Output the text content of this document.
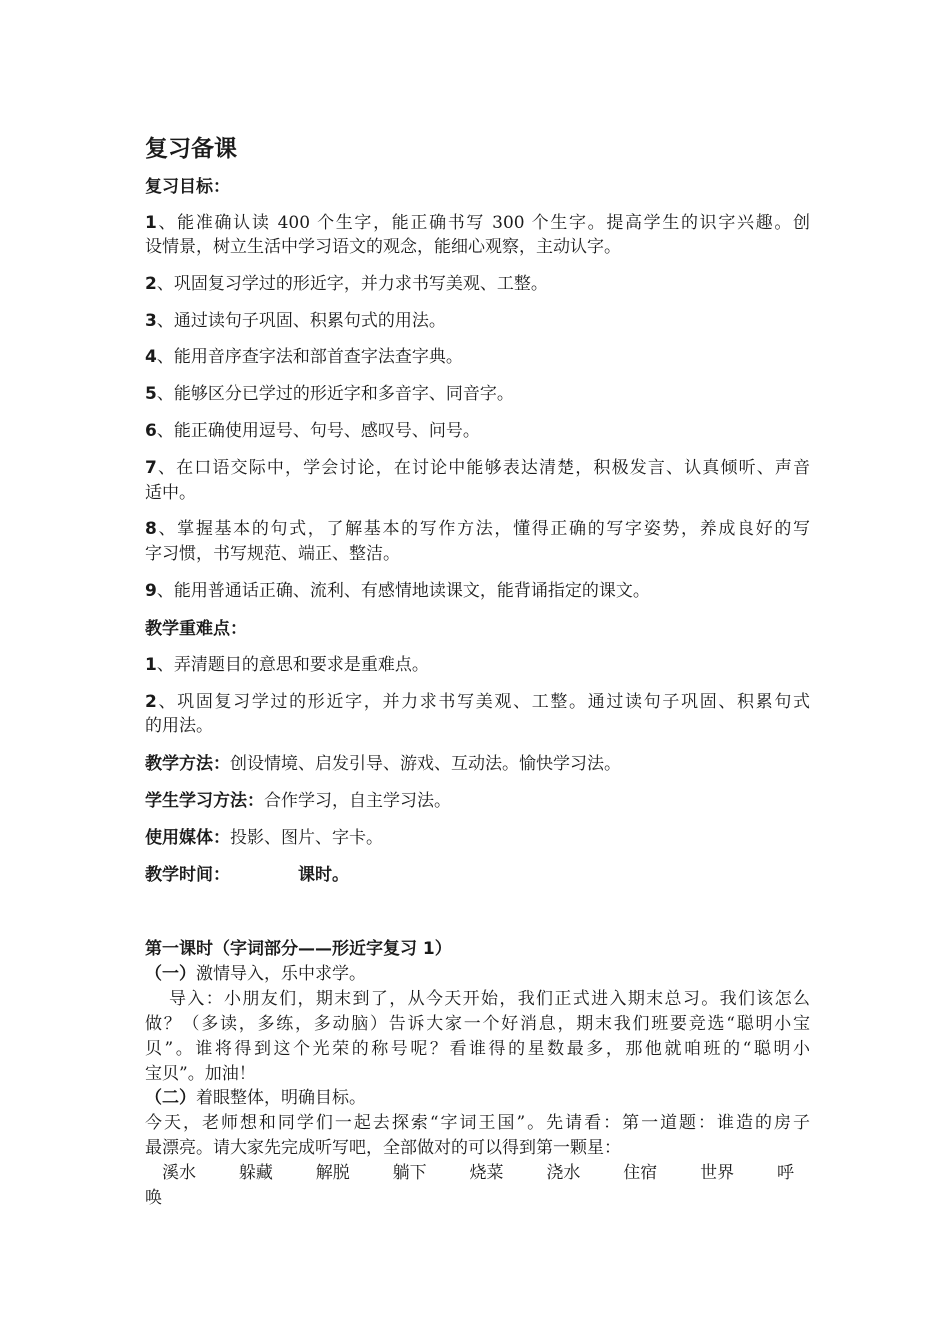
复习备课
复习目标：
1、能准确认读 400 个生字，能正确书写 300 个生字。提高学生的识字兴趣。创
设情景，树立生活中学习语文的观念，能细心观察，主动认字。
2、巩固复习学过的形近字，并力求书写美观、工整。
3、通过读句子巩固、积累句式的用法。
4、能用音序查字法和部首查字法查字典。
5、能够区分已学过的形近字和多音字、同音字。
6、能正确使用逗号、句号、感叹号、问号。
7、在口语交际中，学会讨论，在讨论中能够表达清楚，积极发言、认真倾听、声音
适中。
8、掌握基本的句式，了解基本的写作方法，懂得正确的写字姿势，养成良好的写
字习惯，书写规范、端正、整洁。
9、能用普通话正确、流利、有感情地读课文，能背诵指定的课文。
教学重难点：
1、弄清题目的意思和要求是重难点。
2、巩固复习学过的形近字，并力求书写美观、工整。通过读句子巩固、积累句式
的用法。
教学方法：创设情境、启发引导、游戏、互动法。愉快学习法。
学生学习方法：合作学习，自主学习法。
使用媒体：投影、图片、字卡。
教学时间：	课时。
第一课时（字词部分——形近字复习 1）
（一）激情导入，乐中求学。
导入：小朋友们，期末到了，从今天开始，我们正式进入期末总习。我们该怎么
做？（多读，多练，多动脑）告诉大家一个好消息，期末我们班要竞选“聪明小宝
贝”。谁将得到这个光荣的称号呢？看谁得的星数最多，那他就咱班的“聪明小
宝贝”。加油！
（二）着眼整体，明确目标。
今天，老师想和同学们一起去探索“字词王国”。先请看：第一道题：谁造的房子
最漂亮。请大家先完成听写吧，全部做对的可以得到第一颗星：
溪水	躲藏	解脱	躺下	烧菜	浇水	住宿	世界	呼
唤
